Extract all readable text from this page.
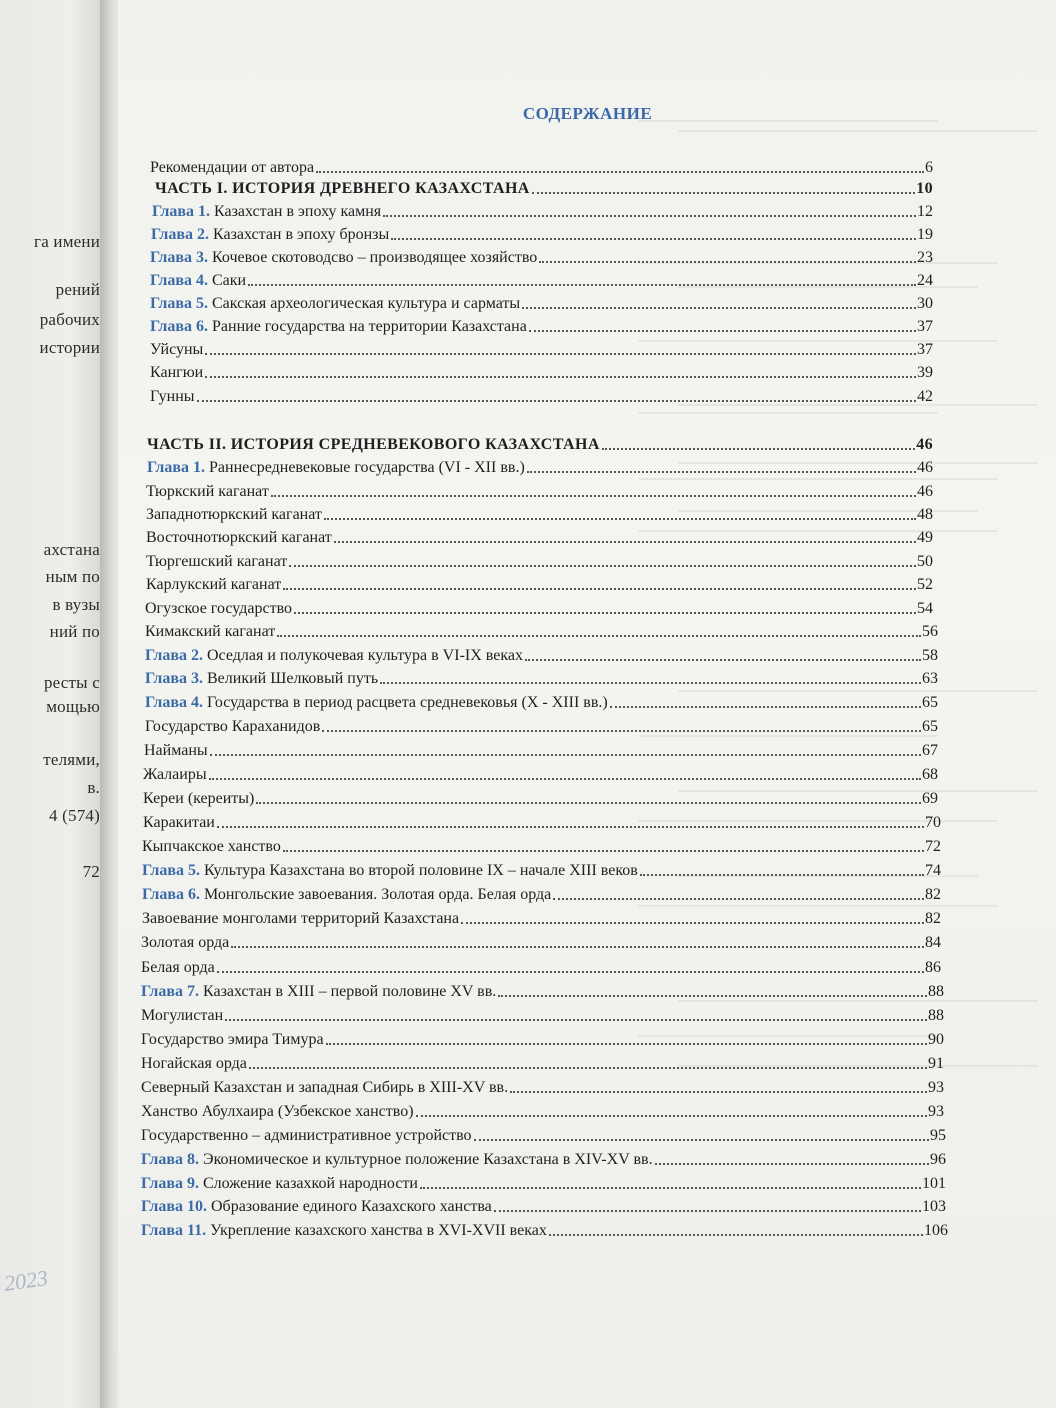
га имени
рений
рабочих
истории
ахстана
ным по
в вузы
ний по
ресты с
мощью
телями,
в.
4 (574)
72
2023
СОДЕРЖАНИЕ
Рекомендации от автора	6
ЧАСТЬ I. ИСТОРИЯ ДРЕВНЕГО КАЗАХСТАНА	10
Глава 1. Казахстан в эпоху камня	12
Глава 2. Казахстан в эпоху бронзы	19
Глава 3. Кочевое скотоводсво – производящее хозяйство	23
Глава 4. Саки	24
Глава 5. Сакская археологическая культура и сарматы	30
Глава 6. Ранние государства на территории Казахстана	37
Уйсуны	37
Кангюи	39
Гунны	42
ЧАСТЬ II. ИСТОРИЯ СРЕДНЕВЕКОВОГО КАЗАХСТАНА	46
Глава 1. Раннесредневековые государства (VI - XII вв.)	46
Тюркский каганат	46
Западнотюркский каганат	48
Восточнотюркский каганат	49
Тюргешский каганат	50
Карлукский каганат	52
Огузское государство	54
Кимакский каганат	56
Глава 2. Оседлая и полукочевая культура в VI-IX веках	58
Глава 3. Великий Шелковый путь	63
Глава 4. Государства в период расцвета средневековья (X - XIII вв.)	65
Государство Караханидов	65
Найманы	67
Жалаиры	68
Кереи (кереиты)	69
Каракитаи	70
Кыпчакское ханство	72
Глава 5. Культура Казахстана во второй половине IX – начале XIII веков	74
Глава 6. Монгольские завоевания. Золотая орда. Белая орда	82
Завоевание монголами территорий Казахстана	82
Золотая орда	84
Белая орда	86
Глава 7. Казахстан в XIII – первой половине XV вв.	88
Могулистан	88
Государство эмира Тимура	90
Ногайская орда	91
Северный Казахстан и западная Сибирь в XIII-XV вв.	93
Ханство Абулхаира (Узбекское ханство)	93
Государственно – административное устройство	95
Глава 8. Экономическое и культурное положение Казахстана в XIV-XV вв.	96
Глава 9. Сложение казахкой народности	101
Глава 10. Образование единого Казахского ханства	103
Глава 11. Укрепление казахского ханства в XVI-XVII веках	106
